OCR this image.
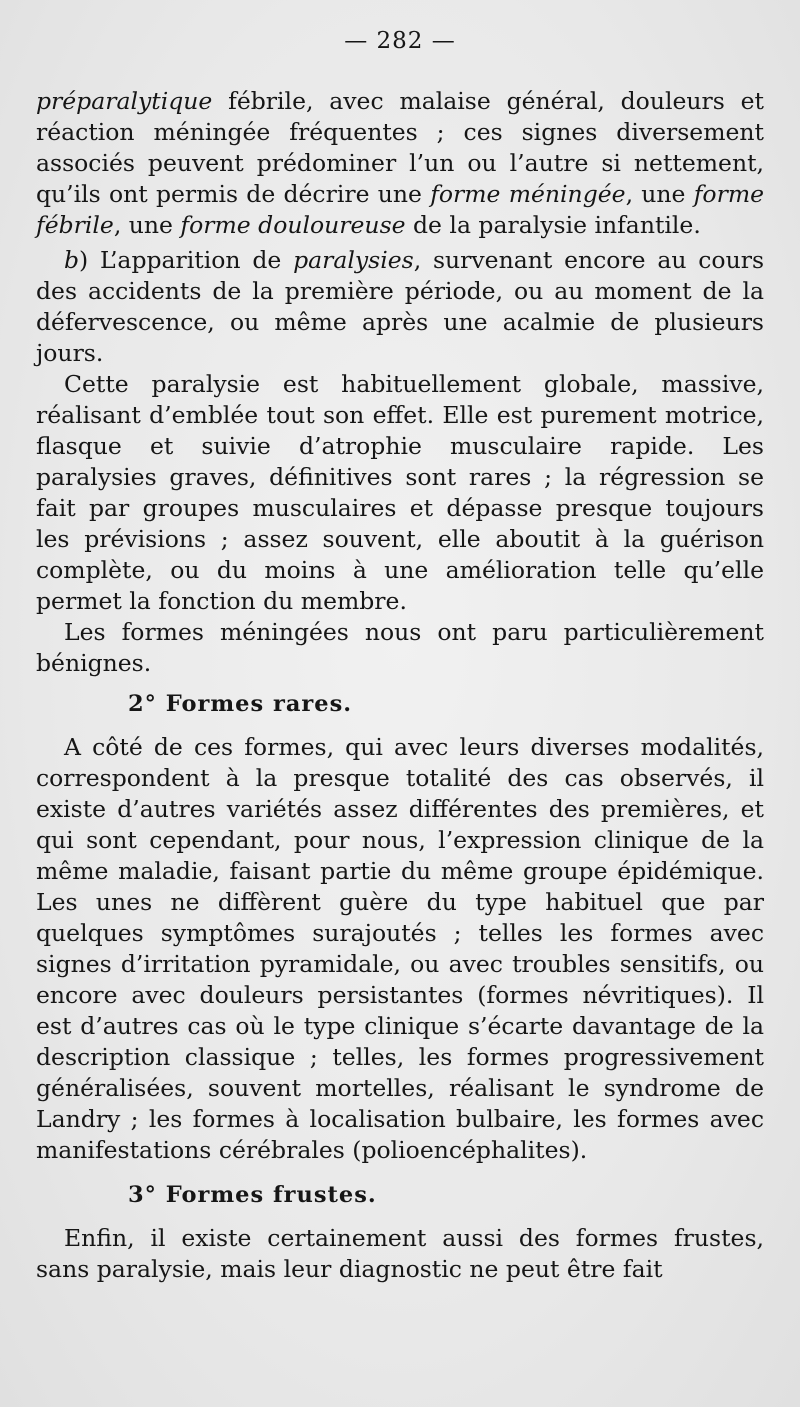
— 282 —

préparalytique fébrile, avec malaise général, douleurs et réaction méningée fréquentes ; ces signes diversement associés peuvent prédominer l’un ou l’autre si nettement, qu’ils ont permis de décrire une forme méningée, une forme fébrile, une forme douloureuse de la paralysie infantile.

b) L’apparition de paralysies, survenant encore au cours des accidents de la première période, ou au moment de la défervescence, ou même après une acalmie de plusieurs jours.

Cette paralysie est habituellement globale, massive, réalisant d’emblée tout son effet. Elle est purement motrice, flasque et suivie d’atrophie musculaire rapide. Les paralysies graves, définitives sont rares ; la régression se fait par groupes musculaires et dépasse presque toujours les prévisions ; assez souvent, elle aboutit à la guérison complète, ou du moins à une amélioration telle qu’elle permet la fonction du membre.

Les formes méningées nous ont paru particulièrement bénignes.

2° Formes rares.

A côté de ces formes, qui avec leurs diverses modalités, correspondent à la presque totalité des cas observés, il existe d’autres variétés assez différentes des premières, et qui sont cependant, pour nous, l’expression clinique de la même maladie, faisant partie du même groupe épidémique. Les unes ne diffèrent guère du type habituel que par quelques symptômes surajoutés ; telles les formes avec signes d’irritation pyramidale, ou avec troubles sensitifs, ou encore avec douleurs persistantes (formes névritiques). Il est d’autres cas où le type clinique s’écarte davantage de la description classique ; telles, les formes progressivement généralisées, souvent mortelles, réalisant le syndrome de Landry ; les formes à localisation bulbaire, les formes avec manifestations cérébrales (polioencéphalites).

3° Formes frustes.

Enfin, il existe certainement aussi des formes frustes, sans paralysie, mais leur diagnostic ne peut être fait
